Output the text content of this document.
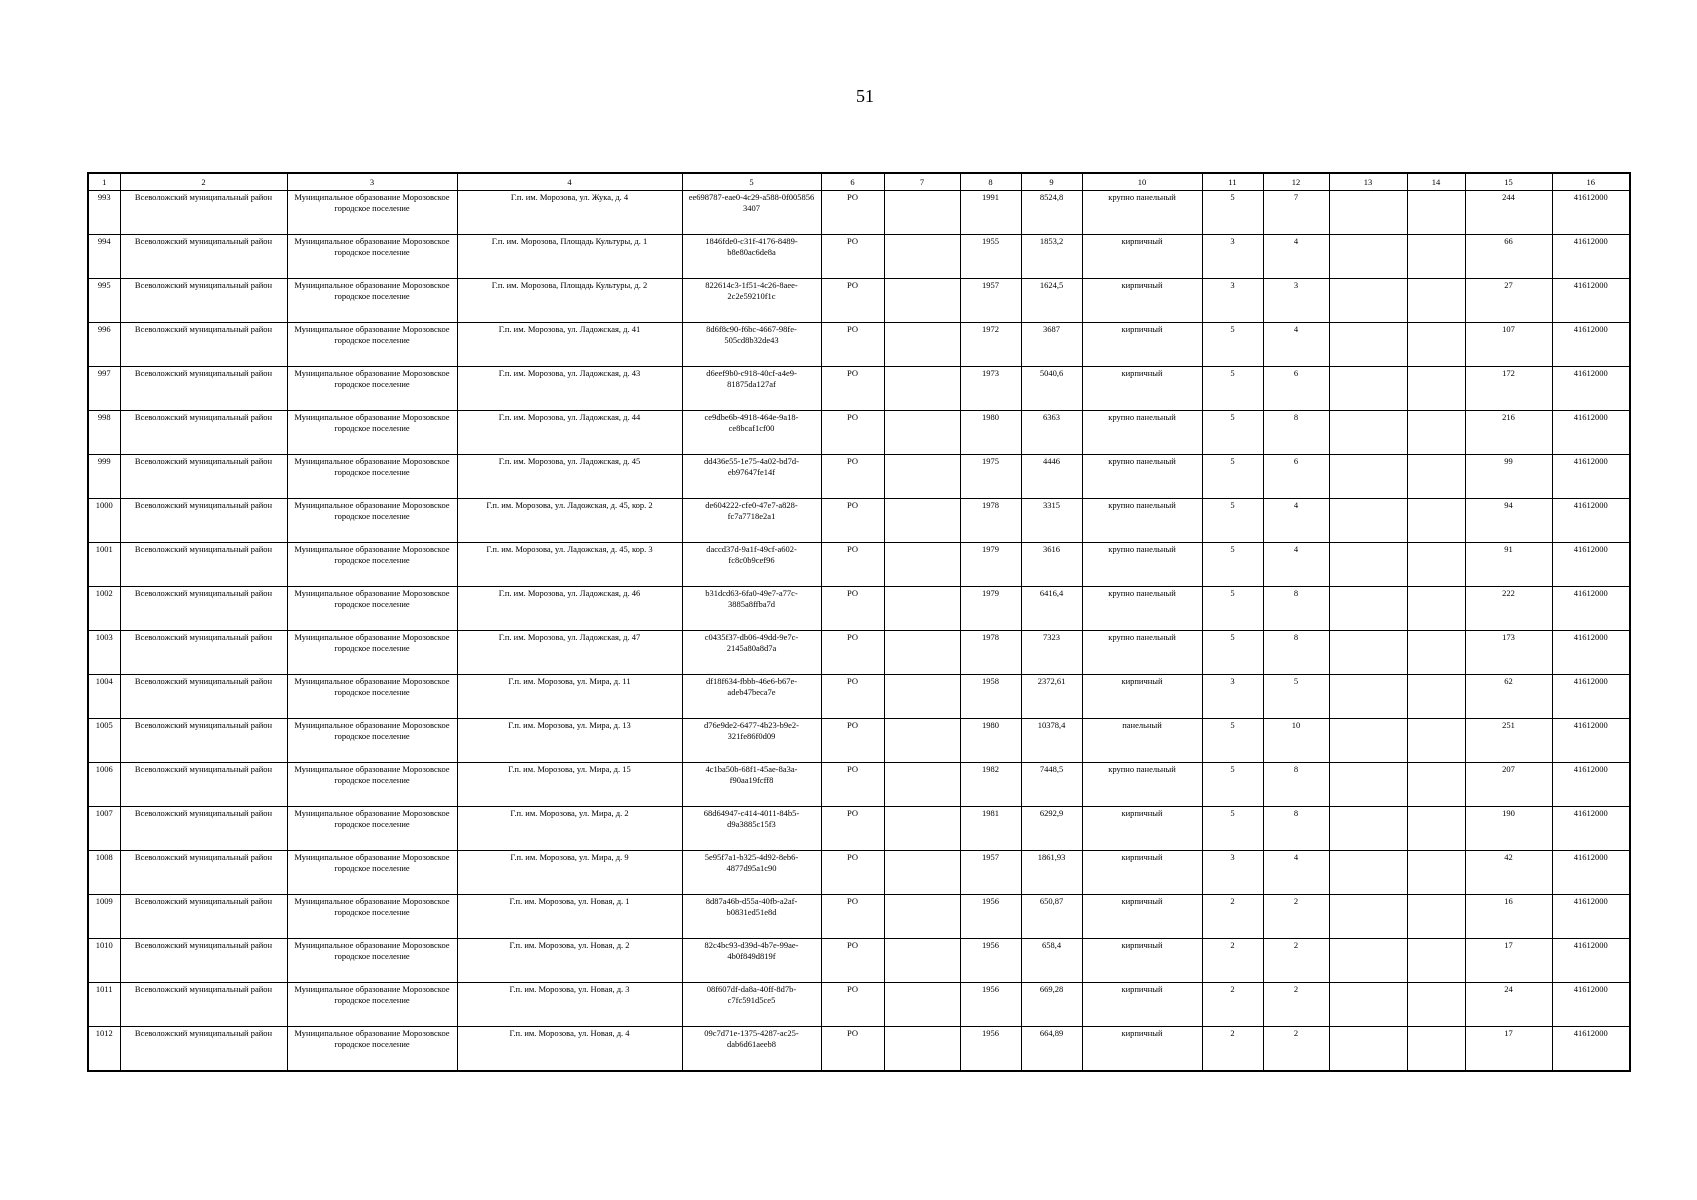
51
1	2	3	4	5	6	7	8	9	10	11	12	13	14	15	16
993	Всеволожский муниципальный район	Муниципальное образование Морозовское городское поселение	Г.п. им. Морозова, ул. Жука, д. 4	ee698787-eae0-4c29-a588-0f005856 3407	РО		1991	8524,8	крупно панельный	5	7			244	41612000
994	Всеволожский муниципальный район	Муниципальное образование Морозовское городское поселение	Г.п. им. Морозова, Площадь Культуры, д. 1	1846fde0-c31f-4176-8489-b8e80ac6de8a	РО		1955	1853,2	кирпичный	3	4			66	41612000
995	Всеволожский муниципальный район	Муниципальное образование Морозовское городское поселение	Г.п. им. Морозова, Площадь Культуры, д. 2	822614c3-1f51-4c26-8aee-2c2e59210f1c	РО		1957	1624,5	кирпичный	3	3			27	41612000
996	Всеволожский муниципальный район	Муниципальное образование Морозовское городское поселение	Г.п. им. Морозова, ул. Ладожская, д. 41	8d6f8c90-f6bc-4667-98fe-505cd8b32de43	РО		1972	3687	кирпичный	5	4			107	41612000
997	Всеволожский муниципальный район	Муниципальное образование Морозовское городское поселение	Г.п. им. Морозова, ул. Ладожская, д. 43	d6eef9b0-c918-40cf-a4e9-81875da127af	РО		1973	5040,6	кирпичный	5	6			172	41612000
998	Всеволожский муниципальный район	Муниципальное образование Морозовское городское поселение	Г.п. им. Морозова, ул. Ладожская, д. 44	ce9dbe6b-4918-464e-9a18-ce8bcaf1cf00	РО		1980	6363	крупно панельный	5	8			216	41612000
999	Всеволожский муниципальный район	Муниципальное образование Морозовское городское поселение	Г.п. им. Морозова, ул. Ладожская, д. 45	dd436e55-1e75-4a02-bd7d-eb97647fe14f	РО		1975	4446	крупно панельный	5	6			99	41612000
1000	Всеволожский муниципальный район	Муниципальное образование Морозовское городское поселение	Г.п. им. Морозова, ул. Ладожская, д. 45, кор. 2	de604222-cfe0-47e7-a828-fc7a7718e2a1	РО		1978	3315	крупно панельный	5	4			94	41612000
1001	Всеволожский муниципальный район	Муниципальное образование Морозовское городское поселение	Г.п. им. Морозова, ул. Ладожская, д. 45, кор. 3	daccd37d-9a1f-49cf-a602-fc8c0b9cef96	РО		1979	3616	крупно панельный	5	4			91	41612000
1002	Всеволожский муниципальный район	Муниципальное образование Морозовское городское поселение	Г.п. им. Морозова, ул. Ладожская, д. 46	b31dcd63-6fa0-49e7-a77c-3885a8ffba7d	РО		1979	6416,4	крупно панельный	5	8			222	41612000
1003	Всеволожский муниципальный район	Муниципальное образование Морозовское городское поселение	Г.п. им. Морозова, ул. Ладожская, д. 47	c0435f37-db06-49dd-9e7c-2145a80a8d7a	РО		1978	7323	крупно панельный	5	8			173	41612000
1004	Всеволожский муниципальный район	Муниципальное образование Морозовское городское поселение	Г.п. им. Морозова, ул. Мира, д. 11	df18f634-fbbb-46e6-b67e-adeb47beca7e	РО		1958	2372,61	кирпичный	3	5			62	41612000
1005	Всеволожский муниципальный район	Муниципальное образование Морозовское городское поселение	Г.п. им. Морозова, ул. Мира, д. 13	d76e9de2-6477-4b23-b9e2-321fe86f0d09	РО		1980	10378,4	панельный	5	10			251	41612000
1006	Всеволожский муниципальный район	Муниципальное образование Морозовское городское поселение	Г.п. им. Морозова, ул. Мира, д. 15	4c1ba50b-68f1-45ae-8a3a-f90aa19fcff8	РО		1982	7448,5	крупно панельный	5	8			207	41612000
1007	Всеволожский муниципальный район	Муниципальное образование Морозовское городское поселение	Г.п. им. Морозова, ул. Мира, д. 2	68d64947-c414-4011-84b5-d9a3885c15f3	РО		1981	6292,9	кирпичный	5	8			190	41612000
1008	Всеволожский муниципальный район	Муниципальное образование Морозовское городское поселение	Г.п. им. Морозова, ул. Мира, д. 9	5e95f7a1-b325-4d92-8eb6-4877d95a1c90	РО		1957	1861,93	кирпичный	3	4			42	41612000
1009	Всеволожский муниципальный район	Муниципальное образование Морозовское городское поселение	Г.п. им. Морозова, ул. Новая, д. 1	8d87a46b-d55a-40fb-a2af-b0831ed51e8d	РО		1956	650,87	кирпичный	2	2			16	41612000
1010	Всеволожский муниципальный район	Муниципальное образование Морозовское городское поселение	Г.п. им. Морозова, ул. Новая, д. 2	82c4bc93-d39d-4b7e-99ae-4b0f849d819f	РО		1956	658,4	кирпичный	2	2			17	41612000
1011	Всеволожский муниципальный район	Муниципальное образование Морозовское городское поселение	Г.п. им. Морозова, ул. Новая, д. 3	08f607df-da8a-40ff-8d7b-c7fc591d5ce5	РО		1956	669,28	кирпичный	2	2			24	41612000
1012	Всеволожский муниципальный район	Муниципальное образование Морозовское городское поселение	Г.п. им. Морозова, ул. Новая, д. 4	09c7d71e-1375-4287-ac25-dab6d61aeeb8	РО		1956	664,89	кирпичный	2	2			17	41612000
